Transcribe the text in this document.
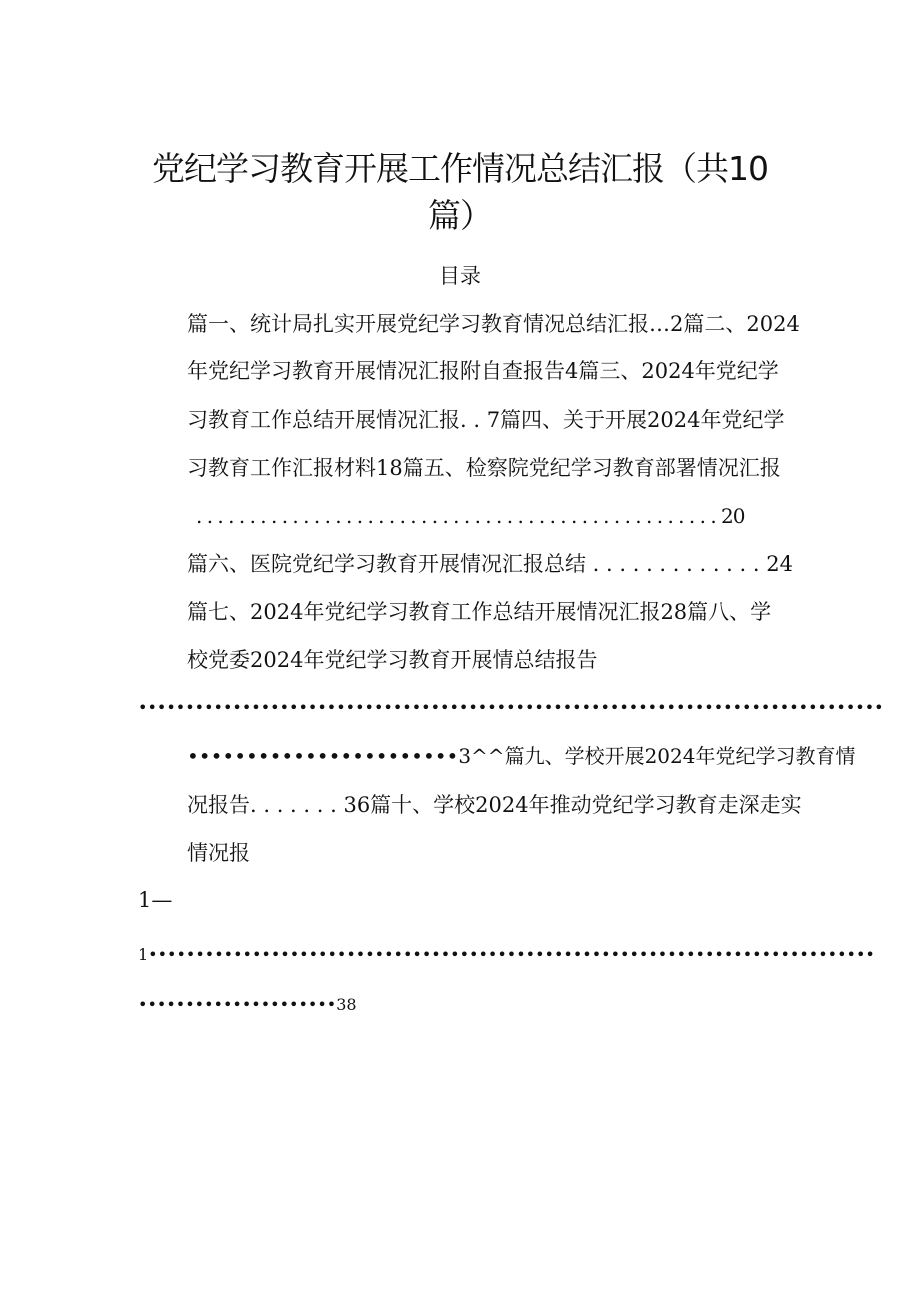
党纪学习教育开展工作情况总结汇报（共10
篇）
目录
篇一、统计局扎实开展党纪学习教育情况总结汇报…2篇二、2024
年党纪学习教育开展情况汇报附自查报告4篇三、2024年党纪学
习教育工作总结开展情况汇报. . 7篇四、关于开展2024年党纪学
习教育工作汇报材料18篇五、检察院党纪学习教育部署情况汇报
. . . . . . . . . . . . . . . . . . . . . . . . . . . . . . . . . . . . . . . . . . . . . . . . . 20
篇六、医院党纪学习教育开展情况汇报总结 . . . . . . . . . . . . . 24
篇七、2024年党纪学习教育工作总结开展情况汇报28篇八、学
校党委2024年党纪学习教育开展情总结报告
•••••••••••••••••••••••••••••••••••••••••••••••••••••••••••••••••••••••••••••••
•••••••••••••••••••••••3^^篇九、学校开展2024年党纪学习教育情
况报告. . . . . . . 36篇十、学校2024年推动党纪学习教育走深走实
情况报
1—
1•••••••••••••••••••••••••••••••••••••••••••••••••••••••••••••••••••••••••••••
•••••••••••••••••••••38
